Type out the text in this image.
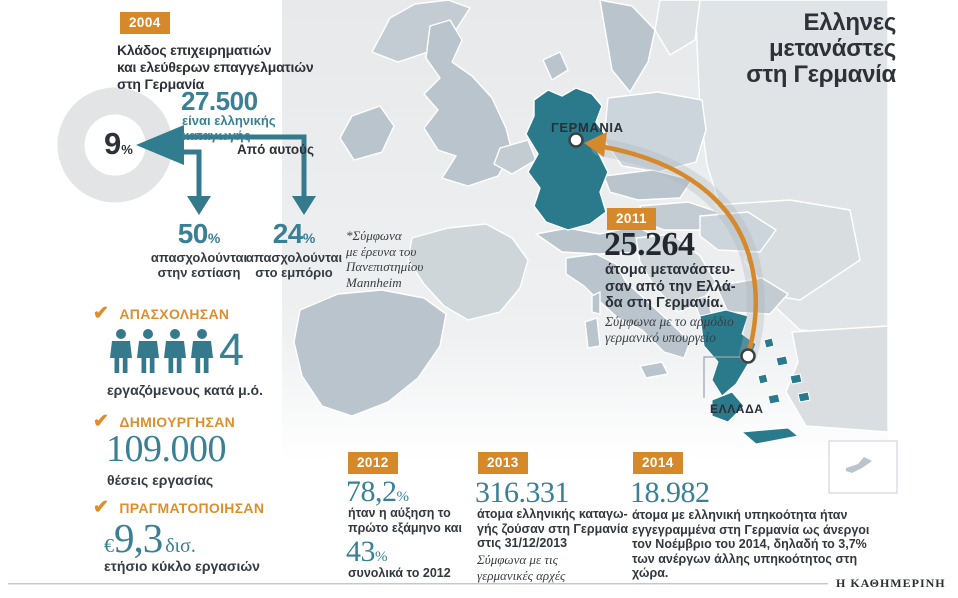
Ελληνες
μετανάστες
στη Γερμανία
2004
Κλάδος επιχειρηματιών
και ελεύθερων επαγγελματιών
στη Γερμανία
27.500
είναι ελληνικής
καταγωγής
9%	Από αυτούς
50%
απασχολούνται
στην εστίαση
24%
απασχολούνται
στο εμπόριο
*Σύμφωνα
με έρευνα του
Πανεπιστημίου
Mannheim
✔ ΑΠΑΣΧΟΛΗΣΑΝ
4
εργαζόμενους κατά μ.ό.
✔ ΔΗΜΙΟΥΡΓΗΣΑΝ
109.000
θέσεις εργασίας
✔ ΠΡΑΓΜΑΤΟΠΟΙΗΣΑΝ
€ 9,3 δισ.
ετήσιο κύκλο εργασιών
ΓΕΡΜΑΝΙΑ
ΕΛΛΑΔΑ
2011
25.264
άτομα μετανάστευ-
σαν από την Ελλά-
δα στη Γερμανία.
Σύμφωνα με το αρμόδιο
γερμανικό υπουργείο
2012
78,2 %
ήταν η αύξηση το
πρώτο εξάμηνο και
43 %
συνολικά το 2012
2013
316.331
άτομα ελληνικής καταγω-
γής ζούσαν στη Γερμανία
στις 31/12/2013
Σύμφωνα με τις
γερμανικές αρχές
2014
18.982
άτομα με ελληνική υπηκοότητα ήταν
εγγεγραμμένα στη Γερμανία ως άνεργοι
τον Νοέμβριο του 2014, δηλαδή το 3,7%
των ανέργων άλλης υπηκοότητος στη
χώρα.
Η ΚΑΘΗΜΕΡΙΝΗ
